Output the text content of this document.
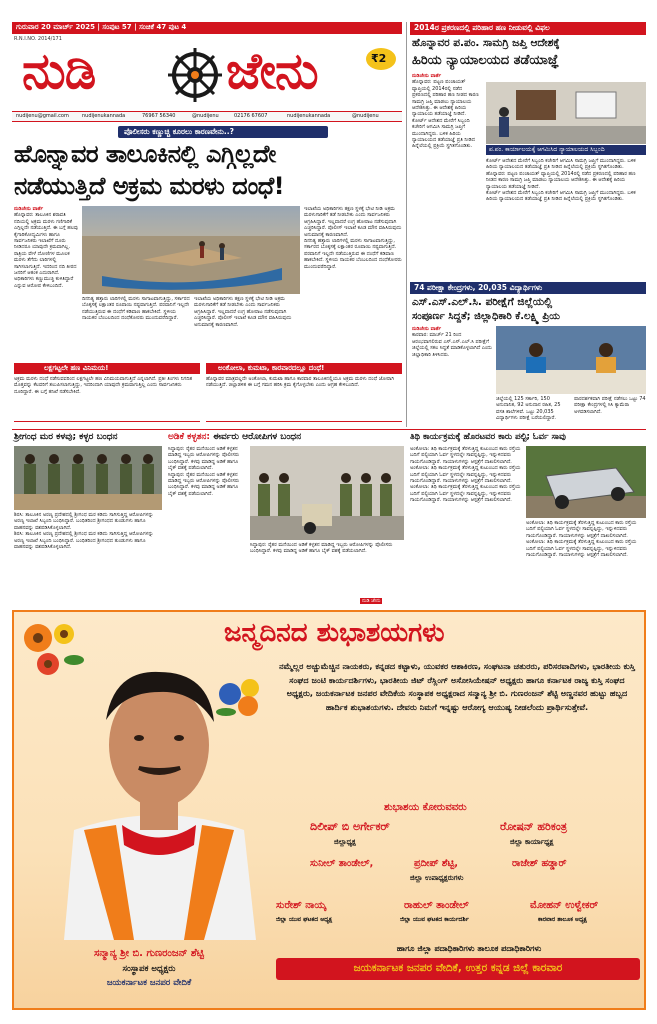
ಗುರುವಾರ 20 ಮಾರ್ಚ್ 2025 | ಸಂಪುಟ 57 | ಸಂಚಿಕೆ 47 ಪುಟ 4
R.N.I.NO. 2014/171
ನುಡಿ	ಜೇನು	₹2
nudijenu@gmail.com	nudijenukannada	76967 56340	@nudijenu	02176 67607	nudijenukannada	@nudijenu
ಪೊಲೀಸರು ಕಣ್ಣುಚ್ಚಿ ಕೂರಲು ಕಾರಣವೇನು..?
ಹೊನ್ನಾವರ ತಾಲೂಕಿನಲ್ಲಿ ಎಗ್ಗಿಲ್ಲದೇ
ನಡೆಯುತ್ತಿದೆ ಅಕ್ರಮ ಮರಳು ದಂಧೆ!
ನುಡಿಜೇನು ವಾರ್ತೆ
ಹೊನ್ನಾವರ: ತಾಲೂಕಿನ ಶರಾವತಿ ನದಿಯಲ್ಲಿ ಅಕ್ರಮ ಮರಳು ಗಣಿಗಾರಿಕೆ ಎಗ್ಗಿಲ್ಲದೇ ನಡೆಯುತ್ತಿದೆ. ಈ ಬಗ್ಗೆ ಹಲವು ಕೈಗಾರಿಕೋದ್ಯಮಿಗಳು ಹಾಗೂ ಸಾರ್ವಜನಿಕರು ಇಲಾಖೆಗೆ ದೂರು ನೀಡಿದರೂ ಯಾವುದೇ ಕ್ರಮವಾಗಿಲ್ಲ. ರಾತ್ರಿಯ ವೇಳೆ ದೋಣಿಗಳ ಮೂಲಕ ಮರಳು ತೆಗೆದು ಲಾರಿಗಳಲ್ಲಿ ಸಾಗಿಸಲಾಗುತ್ತಿದೆ. ಇದರಿಂದ ನದಿ ತೀರದ ಜನರಿಗೆ ಆತಂಕ ಎದುರಾಗಿದೆ. ಅಧಿಕಾರಿಗಳು ಕಣ್ಣುಮುಚ್ಚಿ ಕುಳಿತಿದ್ದಾರೆ ಎನ್ನುವ ಆರೋಪ ಕೇಳಿಬಂದಿದೆ.
ದಿನನಿತ್ಯ ಹತ್ತಾರು ಲಾರಿಗಳಲ್ಲಿ ಮರಳು ಸಾಗಾಟವಾಗುತ್ತಿದ್ದು, ಸರ್ಕಾರದ ಬೊಕ್ಕಸಕ್ಕೆ ಲಕ್ಷಾಂತರ ರೂಪಾಯಿ ನಷ್ಟವಾಗುತ್ತಿದೆ. ಪರವಾನಿಗೆ ಇಲ್ಲದೇ ನಡೆಯುತ್ತಿರುವ ಈ ದಂಧೆಗೆ ಕಡಿವಾಣ ಹಾಕಬೇಕಿದೆ. ಸ್ಥಳೀಯ ನಾಯಕರ ಬೆಂಬಲದಿಂದ ದಂಧೆಕೋರರು ಮುಂದುವರೆದಿದ್ದಾರೆ.
ಇಲಾಖೆಯ ಅಧಿಕಾರಿಗಳು ತಕ್ಷಣ ಸ್ಥಳಕ್ಕೆ ಭೇಟಿ ನೀಡಿ ಅಕ್ರಮ ಮರಳುಗಾರಿಕೆಗೆ ತಡೆ ನೀಡಬೇಕು ಎಂದು ಸಾರ್ವಜನಿಕರು ಆಗ್ರಹಿಸಿದ್ದಾರೆ. ಇಲ್ಲವಾದರೆ ಉಗ್ರ ಹೋರಾಟ ನಡೆಸುವುದಾಗಿ ಎಚ್ಚರಿಸಿದ್ದಾರೆ. ಪೊಲೀಸ್ ಇಲಾಖೆ ಕೂಡ ಮೌನ ವಹಿಸಿರುವುದು ಅನುಮಾನಕ್ಕೆ ಕಾರಣವಾಗಿದೆ.
ಇಲಾಖೆಯ ಅಧಿಕಾರಿಗಳು ತಕ್ಷಣ ಸ್ಥಳಕ್ಕೆ ಭೇಟಿ ನೀಡಿ ಅಕ್ರಮ ಮರಳುಗಾರಿಕೆಗೆ ತಡೆ ನೀಡಬೇಕು ಎಂದು ಸಾರ್ವಜನಿಕರು ಆಗ್ರಹಿಸಿದ್ದಾರೆ. ಇಲ್ಲವಾದರೆ ಉಗ್ರ ಹೋರಾಟ ನಡೆಸುವುದಾಗಿ ಎಚ್ಚರಿಸಿದ್ದಾರೆ. ಪೊಲೀಸ್ ಇಲಾಖೆ ಕೂಡ ಮೌನ ವಹಿಸಿರುವುದು ಅನುಮಾನಕ್ಕೆ ಕಾರಣವಾಗಿದೆ.
ದಿನನಿತ್ಯ ಹತ್ತಾರು ಲಾರಿಗಳಲ್ಲಿ ಮರಳು ಸಾಗಾಟವಾಗುತ್ತಿದ್ದು, ಸರ್ಕಾರದ ಬೊಕ್ಕಸಕ್ಕೆ ಲಕ್ಷಾಂತರ ರೂಪಾಯಿ ನಷ್ಟವಾಗುತ್ತಿದೆ. ಪರವಾನಿಗೆ ಇಲ್ಲದೇ ನಡೆಯುತ್ತಿರುವ ಈ ದಂಧೆಗೆ ಕಡಿವಾಣ ಹಾಕಬೇಕಿದೆ. ಸ್ಥಳೀಯ ನಾಯಕರ ಬೆಂಬಲದಿಂದ ದಂಧೆಕೋರರು ಮುಂದುವರೆದಿದ್ದಾರೆ.
ಲಕ್ಷಗಟ್ಟಲೇ ಹಣ ವಿನಿಮಯ!
ಅಕ್ರಮ ಮರಳು ದಂಧೆ ನಡೆಸುವವರಿಂದ ಲಕ್ಷಗಟ್ಟಲೇ ಹಣ ವಿನಿಮಯವಾಗುತ್ತಿದೆ ಎನ್ನಲಾಗಿದೆ. ಪ್ರತೀ ತಿಂಗಳು ನಿಗದಿತ ಮೊತ್ತವನ್ನು ಕೆಲವರಿಗೆ ತಲುಪಿಸಲಾಗುತ್ತಿದ್ದು, ಇದರಿಂದಾಗಿ ಯಾವುದೇ ಕ್ರಮವಾಗುತ್ತಿಲ್ಲ ಎಂದು ಸಾರ್ವಜನಿಕರು ದೂರಿದ್ದಾರೆ. ಈ ಬಗ್ಗೆ ತನಿಖೆ ನಡೆಸಬೇಕಿದೆ.
ಅಂಕೋಲಾ, ಕುಮಟಾ, ಕಾರವಾರದಲ್ಲೂ ದಂಧೆ!
ಹೊನ್ನಾವರ ಮಾತ್ರವಲ್ಲದೇ ಅಂಕೋಲಾ, ಕುಮಟಾ ಹಾಗೂ ಕಾರವಾರ ತಾಲೂಕಿನಲ್ಲಿಯೂ ಅಕ್ರಮ ಮರಳು ದಂಧೆ ಜೋರಾಗಿ ನಡೆಯುತ್ತಿದೆ. ಜಿಲ್ಲಾಡಳಿತ ಈ ಬಗ್ಗೆ ಗಮನ ಹರಿಸಿ ಕ್ರಮ ಕೈಗೊಳ್ಳಬೇಕು ಎಂದು ಆಗ್ರಹ ಕೇಳಿಬಂದಿದೆ.
2014ರ ಪ್ರಕರಣದಲ್ಲಿ ಪರಿಹಾರ ಹಣ ನೀಡುವಲ್ಲಿ ವಿಫಲ
ಹೊನ್ನಾವರ ಪ.ಪಂ. ಸಾಮಗ್ರಿ ಜಪ್ತಿ ಆದೇಶಕ್ಕೆ
ಹಿರಿಯ ನ್ಯಾಯಾಲಯದ ತಡೆಯಾಜ್ಞೆ
ನುಡಿಜೇನು ವಾರ್ತೆ
ಹೊನ್ನಾವರ: ಪಟ್ಟಣ ಪಂಚಾಯತ್ ವ್ಯಾಪ್ತಿಯಲ್ಲಿ 2014ರಲ್ಲಿ ನಡೆದ ಪ್ರಕರಣದಲ್ಲಿ ಪರಿಹಾರ ಹಣ ನೀಡದ ಕಾರಣ ಸಾಮಗ್ರಿ ಜಪ್ತಿ ಮಾಡಲು ನ್ಯಾಯಾಲಯ ಆದೇಶಿಸಿತ್ತು. ಈ ಆದೇಶಕ್ಕೆ ಹಿರಿಯ ನ್ಯಾಯಾಲಯ ತಡೆಯಾಜ್ಞೆ ನೀಡಿದೆ.
ಕೋರ್ಟ್ ಆದೇಶದ ಮೇರೆಗೆ ಸಿಬ್ಬಂದಿ ಕಚೇರಿಗೆ ಆಗಮಿಸಿ ಸಾಮಗ್ರಿ ಜಪ್ತಿಗೆ ಮುಂದಾಗಿದ್ದರು. ಬಳಿಕ ಹಿರಿಯ ನ್ಯಾಯಾಲಯದ ತಡೆಯಾಜ್ಞೆ ಪ್ರತಿ ನೀಡಿದ ಹಿನ್ನೆಲೆಯಲ್ಲಿ ಪ್ರಕ್ರಿಯೆ ಸ್ಥಗಿತಗೊಂಡಿತು.	ಪ.ಪಂ. ಕಾರ್ಯಾಲಯಕ್ಕೆ ಆಗಮಿಸಿದ ನ್ಯಾಯಾಲಯದ ಸಿಬ್ಬಂದಿ
ಕೋರ್ಟ್ ಆದೇಶದ ಮೇರೆಗೆ ಸಿಬ್ಬಂದಿ ಕಚೇರಿಗೆ ಆಗಮಿಸಿ ಸಾಮಗ್ರಿ ಜಪ್ತಿಗೆ ಮುಂದಾಗಿದ್ದರು. ಬಳಿಕ ಹಿರಿಯ ನ್ಯಾಯಾಲಯದ ತಡೆಯಾಜ್ಞೆ ಪ್ರತಿ ನೀಡಿದ ಹಿನ್ನೆಲೆಯಲ್ಲಿ ಪ್ರಕ್ರಿಯೆ ಸ್ಥಗಿತಗೊಂಡಿತು.
ಹೊನ್ನಾವರ: ಪಟ್ಟಣ ಪಂಚಾಯತ್ ವ್ಯಾಪ್ತಿಯಲ್ಲಿ 2014ರಲ್ಲಿ ನಡೆದ ಪ್ರಕರಣದಲ್ಲಿ ಪರಿಹಾರ ಹಣ ನೀಡದ ಕಾರಣ ಸಾಮಗ್ರಿ ಜಪ್ತಿ ಮಾಡಲು ನ್ಯಾಯಾಲಯ ಆದೇಶಿಸಿತ್ತು. ಈ ಆದೇಶಕ್ಕೆ ಹಿರಿಯ ನ್ಯಾಯಾಲಯ ತಡೆಯಾಜ್ಞೆ ನೀಡಿದೆ.
ಕೋರ್ಟ್ ಆದೇಶದ ಮೇರೆಗೆ ಸಿಬ್ಬಂದಿ ಕಚೇರಿಗೆ ಆಗಮಿಸಿ ಸಾಮಗ್ರಿ ಜಪ್ತಿಗೆ ಮುಂದಾಗಿದ್ದರು. ಬಳಿಕ ಹಿರಿಯ ನ್ಯಾಯಾಲಯದ ತಡೆಯಾಜ್ಞೆ ಪ್ರತಿ ನೀಡಿದ ಹಿನ್ನೆಲೆಯಲ್ಲಿ ಪ್ರಕ್ರಿಯೆ ಸ್ಥಗಿತಗೊಂಡಿತು.
74 ಪರೀಕ್ಷಾ ಕೇಂದ್ರಗಳು, 20,035 ವಿದ್ಯಾರ್ಥಿಗಳು
ಎಸ್.ಎಸ್.ಎಲ್.ಸಿ. ಪರೀಕ್ಷೆಗೆ ಜಿಲ್ಲೆಯಲ್ಲಿ
ಸಂಪೂರ್ಣ ಸಿದ್ದತೆ; ಜಿಲ್ಲಾಧಿಕಾರಿ ಕೆ.ಲಕ್ಷ್ಮಿ ಪ್ರಿಯ
ನುಡಿಜೇನು ವಾರ್ತೆ
ಕಾರವಾರ: ಮಾರ್ಚ್ 21 ರಿಂದ ಆರಂಭವಾಗಲಿರುವ ಎಸ್.ಎಸ್.ಎಲ್.ಸಿ ಪರೀಕ್ಷೆಗೆ ಜಿಲ್ಲೆಯಲ್ಲಿ ಸಕಲ ಸಿದ್ದತೆ ಮಾಡಿಕೊಳ್ಳಲಾಗಿದೆ ಎಂದು ಜಿಲ್ಲಾಧಿಕಾರಿ ತಿಳಿಸಿದರು.
ಜಿಲ್ಲೆಯಲ್ಲಿ 125 ಸರ್ಕಾರಿ, 150 ಅನುದಾನಿತ, 92 ಅನುದಾನ ರಹಿತ, 25 ವಸತಿ ಶಾಲೆಗಳಿವೆ. ಒಟ್ಟು 20,035 ವಿದ್ಯಾರ್ಥಿಗಳು ಪರೀಕ್ಷೆ ಬರೆಯಲಿದ್ದಾರೆ.
ಪಾರದರ್ಶಕವಾಗಿ ಪರೀಕ್ಷೆ ನಡೆಸಲು ಒಟ್ಟು 74 ಪರೀಕ್ಷಾ ಕೇಂದ್ರಗಳಲ್ಲಿ ಸಿಸಿ ಕ್ಯಾಮೆರಾ ಅಳವಡಿಸಲಾಗಿದೆ.
ಶ್ರೀಗಂಧ ಮರ ಕಳವು; ಕಳ್ಳರ ಬಂಧನ
ಶಿರಸಿ: ತಾಲೂಕಿನ ಅರಣ್ಯ ಪ್ರದೇಶದಲ್ಲಿ ಶ್ರೀಗಂಧ ಮರ ಕಡಿದು ಸಾಗಿಸುತ್ತಿದ್ದ ಆರೋಪಿಗಳನ್ನು ಅರಣ್ಯ ಇಲಾಖೆ ಸಿಬ್ಬಂದಿ ಬಂಧಿಸಿದ್ದಾರೆ. ಬಂಧಿತರಿಂದ ಶ್ರೀಗಂಧದ ತುಂಡುಗಳು ಹಾಗೂ ವಾಹನವನ್ನು ವಶಪಡಿಸಿಕೊಳ್ಳಲಾಗಿದೆ.
ಶಿರಸಿ: ತಾಲೂಕಿನ ಅರಣ್ಯ ಪ್ರದೇಶದಲ್ಲಿ ಶ್ರೀಗಂಧ ಮರ ಕಡಿದು ಸಾಗಿಸುತ್ತಿದ್ದ ಆರೋಪಿಗಳನ್ನು ಅರಣ್ಯ ಇಲಾಖೆ ಸಿಬ್ಬಂದಿ ಬಂಧಿಸಿದ್ದಾರೆ. ಬಂಧಿತರಿಂದ ಶ್ರೀಗಂಧದ ತುಂಡುಗಳು ಹಾಗೂ ವಾಹನವನ್ನು ವಶಪಡಿಸಿಕೊಳ್ಳಲಾಗಿದೆ.
ಅಡಿಕೆ ಕಳ್ಳತನ: ಈರ್ವರು ಆರೋಪಿಗಳ ಬಂಧನ
ಸಿದ್ದಾಪುರ: ರೈತರ ಮನೆಯಿಂದ ಅಡಿಕೆ ಕಳ್ಳತನ ಮಾಡಿದ್ದ ಇಬ್ಬರು ಆರೋಪಿಗಳನ್ನು ಪೊಲೀಸರು ಬಂಧಿಸಿದ್ದಾರೆ. ಕಳವು ಮಾಡಿದ್ದ ಅಡಿಕೆ ಹಾಗೂ ಬೈಕ್ ವಶಕ್ಕೆ ಪಡೆಯಲಾಗಿದೆ.
ಸಿದ್ದಾಪುರ: ರೈತರ ಮನೆಯಿಂದ ಅಡಿಕೆ ಕಳ್ಳತನ ಮಾಡಿದ್ದ ಇಬ್ಬರು ಆರೋಪಿಗಳನ್ನು ಪೊಲೀಸರು ಬಂಧಿಸಿದ್ದಾರೆ. ಕಳವು ಮಾಡಿದ್ದ ಅಡಿಕೆ ಹಾಗೂ ಬೈಕ್ ವಶಕ್ಕೆ ಪಡೆಯಲಾಗಿದೆ.
ಸಿದ್ದಾಪುರ: ರೈತರ ಮನೆಯಿಂದ ಅಡಿಕೆ ಕಳ್ಳತನ ಮಾಡಿದ್ದ ಇಬ್ಬರು ಆರೋಪಿಗಳನ್ನು ಪೊಲೀಸರು ಬಂಧಿಸಿದ್ದಾರೆ. ಕಳವು ಮಾಡಿದ್ದ ಅಡಿಕೆ ಹಾಗೂ ಬೈಕ್ ವಶಕ್ಕೆ ಪಡೆಯಲಾಗಿದೆ.
ನುಡಿ ಜೇನು
ತಿಥಿ ಕಾರ್ಯಕ್ರಮಕ್ಕೆ ಹೊರಟವರ ಕಾರು ಪಲ್ಟಿ; ಓರ್ವ ಸಾವು
ಅಂಕೋಲಾ: ತಿಥಿ ಕಾರ್ಯಕ್ರಮಕ್ಕೆ ತೆರಳುತ್ತಿದ್ದ ಕುಟುಂಬದ ಕಾರು ರಸ್ತೆಯ ಬದಿಗೆ ಪಲ್ಟಿಯಾಗಿ ಓರ್ವ ಸ್ಥಳದಲ್ಲೇ ಸಾವನ್ನಪ್ಪಿದ್ದು, ಇನ್ನುಳಿದವರು ಗಾಯಗೊಂಡಿದ್ದಾರೆ. ಗಾಯಾಳುಗಳನ್ನು ಆಸ್ಪತ್ರೆಗೆ ದಾಖಲಿಸಲಾಗಿದೆ.
ಅಂಕೋಲಾ: ತಿಥಿ ಕಾರ್ಯಕ್ರಮಕ್ಕೆ ತೆರಳುತ್ತಿದ್ದ ಕುಟುಂಬದ ಕಾರು ರಸ್ತೆಯ ಬದಿಗೆ ಪಲ್ಟಿಯಾಗಿ ಓರ್ವ ಸ್ಥಳದಲ್ಲೇ ಸಾವನ್ನಪ್ಪಿದ್ದು, ಇನ್ನುಳಿದವರು ಗಾಯಗೊಂಡಿದ್ದಾರೆ. ಗಾಯಾಳುಗಳನ್ನು ಆಸ್ಪತ್ರೆಗೆ ದಾಖಲಿಸಲಾಗಿದೆ.
ಅಂಕೋಲಾ: ತಿಥಿ ಕಾರ್ಯಕ್ರಮಕ್ಕೆ ತೆರಳುತ್ತಿದ್ದ ಕುಟುಂಬದ ಕಾರು ರಸ್ತೆಯ ಬದಿಗೆ ಪಲ್ಟಿಯಾಗಿ ಓರ್ವ ಸ್ಥಳದಲ್ಲೇ ಸಾವನ್ನಪ್ಪಿದ್ದು, ಇನ್ನುಳಿದವರು ಗಾಯಗೊಂಡಿದ್ದಾರೆ. ಗಾಯಾಳುಗಳನ್ನು ಆಸ್ಪತ್ರೆಗೆ ದಾಖಲಿಸಲಾಗಿದೆ.
ಅಂಕೋಲಾ: ತಿಥಿ ಕಾರ್ಯಕ್ರಮಕ್ಕೆ ತೆರಳುತ್ತಿದ್ದ ಕುಟುಂಬದ ಕಾರು ರಸ್ತೆಯ ಬದಿಗೆ ಪಲ್ಟಿಯಾಗಿ ಓರ್ವ ಸ್ಥಳದಲ್ಲೇ ಸಾವನ್ನಪ್ಪಿದ್ದು, ಇನ್ನುಳಿದವರು ಗಾಯಗೊಂಡಿದ್ದಾರೆ. ಗಾಯಾಳುಗಳನ್ನು ಆಸ್ಪತ್ರೆಗೆ ದಾಖಲಿಸಲಾಗಿದೆ.
ಅಂಕೋಲಾ: ತಿಥಿ ಕಾರ್ಯಕ್ರಮಕ್ಕೆ ತೆರಳುತ್ತಿದ್ದ ಕುಟುಂಬದ ಕಾರು ರಸ್ತೆಯ ಬದಿಗೆ ಪಲ್ಟಿಯಾಗಿ ಓರ್ವ ಸ್ಥಳದಲ್ಲೇ ಸಾವನ್ನಪ್ಪಿದ್ದು, ಇನ್ನುಳಿದವರು ಗಾಯಗೊಂಡಿದ್ದಾರೆ. ಗಾಯಾಳುಗಳನ್ನು ಆಸ್ಪತ್ರೆಗೆ ದಾಖಲಿಸಲಾಗಿದೆ.
ಜನ್ಮದಿನದ ಶುಭಾಶಯಗಳು
ನಮ್ಮೆಲ್ಲರ ಅಚ್ಚುಮೆಚ್ಚಿನ ನಾಯಕರು, ಕನ್ನಡದ ಕಟ್ಟಾಳು, ಯುವಕರ ಆಶಾಕಿರಣ, ಸಂಘಟನಾ ಚತುರರು, ಪರಿಸರವಾದಿಗಳು, ಭಾರತೀಯ ಕುಸ್ತಿ ಸಂಘದ ಜಂಟಿ ಕಾರ್ಯದರ್ಶಿಗಳು, ಭಾರತೀಯ ಜಿಟ್ ರೆಸ್ಲಿಂಗ್ ಅಸೋಸಿಯೇಷನ್ ಅಧ್ಯಕ್ಷರು ಹಾಗೂ ಕರ್ನಾಟಕ ರಾಜ್ಯ ಕುಸ್ತಿ ಸಂಘದ ಅಧ್ಯಕ್ಷರು, ಜಯಕರ್ನಾಟಕ ಜನಪರ ವೇದಿಕೆಯ ಸಂಸ್ಥಾಪಕ ಅಧ್ಯಕ್ಷರಾದ ಸನ್ಮಾನ್ಯ ಶ್ರೀ ಬಿ. ಗುಣರಂಜನ್ ಶೆಟ್ಟಿ ಅಣ್ಣನವರ ಹುಟ್ಟು ಹಬ್ಬದ ಹಾರ್ದಿಕ ಶುಭಾಶಯಗಳು. ದೇವರು ನಿಮಗೆ ಇನ್ನಷ್ಟು ಆರೋಗ್ಯ ಆಯುಷ್ಯ ನೀಡಲೆಂದು ಪ್ರಾರ್ಥಿಸುತ್ತೇವೆ.
ಶುಭಾಶಯ ಕೋರುವವರು
ದಿಲೀಪ್ ಬಿ ಅರ್ಗೇಕರ್
ಜಿಲ್ಲಾಧ್ಯಕ್ಷ
ರೋಷನ್ ಹರಿಕಂತ್ರ
ಜಿಲ್ಲಾ ಕಾರ್ಯಾಧ್ಯಕ್ಷ
ಸುನೀಲ್ ತಾಂಡೇಲ್,	ಪ್ರದೀಪ್ ಶೆಟ್ಟಿ,	ರಾಜೇಶ್ ಹಡ್ಡಾರ್
ಜಿಲ್ಲಾ ಉಪಾಧ್ಯಕ್ಷರುಗಳು
ಸುರೇಶ್ ನಾಯ್ಕ
ಜಿಲ್ಲಾ ಯುವ ಘಟಕದ ಅಧ್ಯಕ್ಷ
ರಾಹುಲ್ ತಾಂಡೇಲ್
ಜಿಲ್ಲಾ ಯುವ ಘಟಕದ ಕಾರ್ಯದರ್ಶಿ
ಮೋಹನ್ ಉಳ್ವೇಕರ್
ಕಾರವಾರ ತಾಲೂಕ ಅಧ್ಯಕ್ಷ
ಸನ್ಮಾನ್ಯ ಶ್ರೀ ಬಿ. ಗುಣರಂಜನ್ ಶೆಟ್ಟಿ
ಸಂಸ್ಥಾಪಕ ಅಧ್ಯಕ್ಷರು
ಜಯಕರ್ನಾಟಕ ಜನಪರ ವೇದಿಕೆ
ಹಾಗೂ ಜಿಲ್ಲಾ ಪದಾಧಿಕಾರಿಗಳು ತಾಲೂಕ ಪದಾಧಿಕಾರಿಗಳು
ಜಯಕರ್ನಾಟಕ ಜನಪರ ವೇದಿಕೆ, ಉತ್ತರ ಕನ್ನಡ ಜಿಲ್ಲೆ ಕಾರವಾರ
